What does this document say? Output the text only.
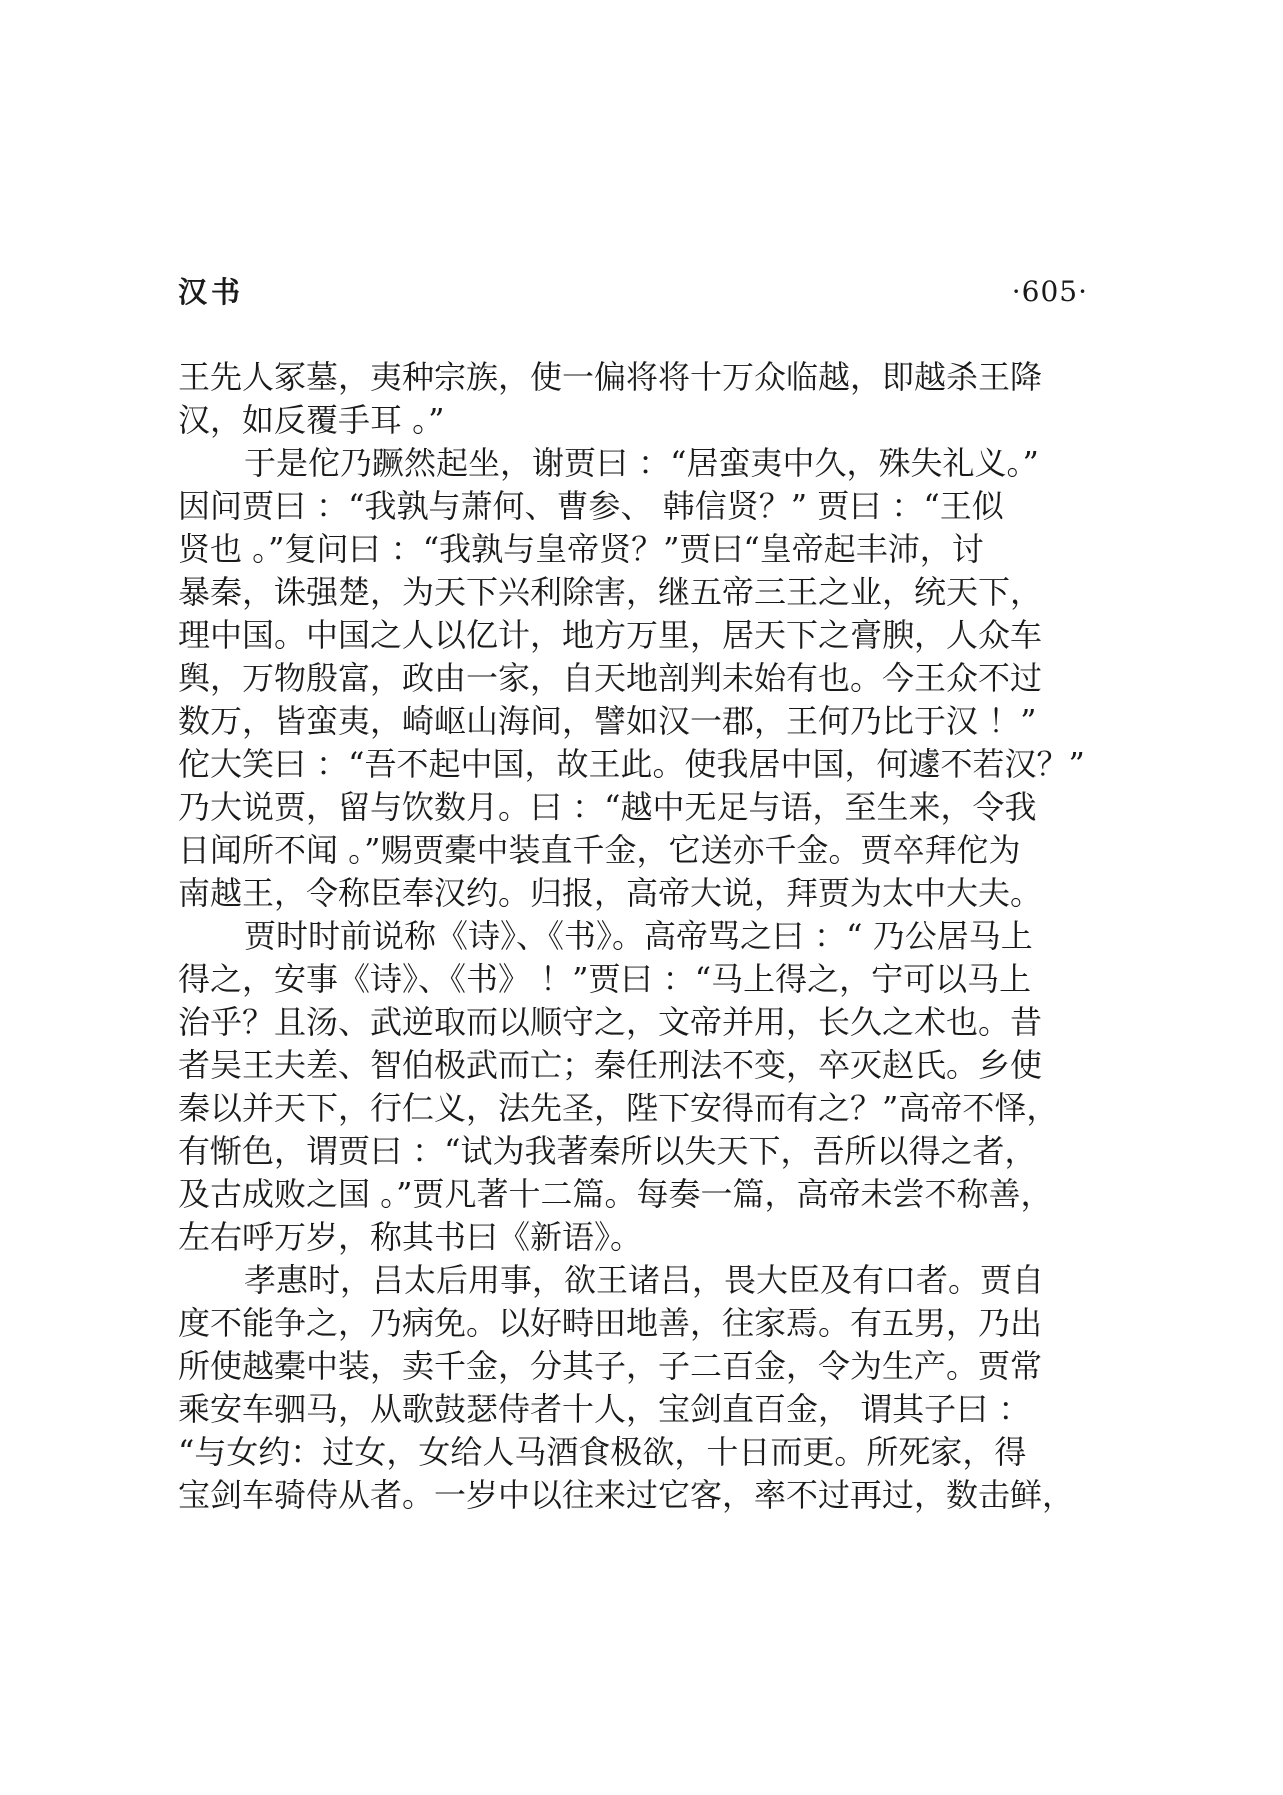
汉书	·605·
王先人冢墓，夷种宗族，使一偏将将十万众临越，即越杀王降
汉，如反覆手耳 。”
于是佗乃蹶然起坐，谢贾曰 ：“居蛮夷中久，殊失礼义。”
因问贾曰 ：“我孰与萧何、曹参、 韩信贤？” 贾曰 ：“王似
贤也 。”复问曰 ：“我孰与皇帝贤？”贾曰“皇帝起丰沛，讨
暴秦，诛强楚，为天下兴利除害，继五帝三王之业，统天下，
理中国。中国之人以亿计，地方万里，居天下之膏腴，人众车
舆，万物殷富，政由一家，自天地剖判未始有也。今王众不过
数万，皆蛮夷，崎岖山海间，譬如汉一郡，王何乃比于汉 ！”
佗大笑曰 ：“吾不起中国，故王此。使我居中国，何遽不若汉？”
乃大说贾，留与饮数月。曰 ：“越中无足与语，至生来，令我
日闻所不闻 。”赐贾橐中装直千金，它送亦千金。贾卒拜佗为
南越王，令称臣奉汉约。归报，高帝大说，拜贾为太中大夫。
贾时时前说称《诗》、《书》。高帝骂之曰 ：“ 乃公居马上
得之，安事《诗》、《书》 ！”贾曰 ：“马上得之，宁可以马上
治乎？且汤、武逆取而以顺守之，文帝并用，长久之术也。昔
者吴王夫差、智伯极武而亡；秦任刑法不变，卒灭赵氏。乡使
秦以并天下，行仁义，法先圣，陛下安得而有之？”高帝不怿，
有惭色，谓贾曰 ：“试为我著秦所以失天下，吾所以得之者，
及古成败之国 。”贾凡著十二篇。每奏一篇，高帝未尝不称善，
左右呼万岁，称其书曰《新语》。
孝惠时，吕太后用事，欲王诸吕，畏大臣及有口者。贾自
度不能争之，乃病免。以好畤田地善，往家焉。有五男，乃出
所使越橐中装，卖千金，分其子，子二百金，令为生产。贾常
乘安车驷马，从歌鼓瑟侍者十人，宝剑直百金， 谓其子曰 ：
“与女约：过女，女给人马酒食极欲，十日而更。所死家，得
宝剑车骑侍从者。一岁中以往来过它客，率不过再过，数击鲜，
